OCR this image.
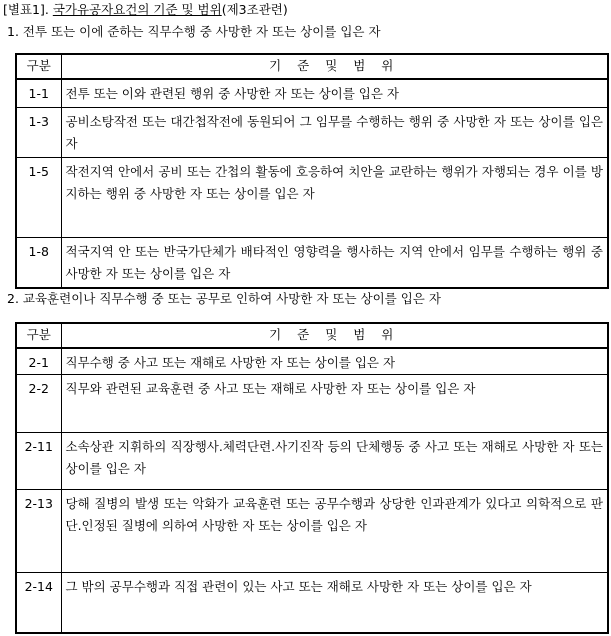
[별표1]. 국가유공자요건의 기준 및 범위(제3조관련)
1. 전투 또는 이에 준하는 직무수행 중 사망한 자 또는 상이를 입은 자
구분	기 준 및 범 위

1-1	전투 또는 이와 관련된 행위 중 사망한 자 또는 상이를 입은 자

1-3	공비소탕작전 또는 대간첩작전에 동원되어 그 임무를 수행하는 행위 중 사망한 자 또는 상이를 입은 자

1-5	작전지역 안에서 공비 또는 간첩의 활동에 호응하여 치안을 교란하는 행위가 자행되는 경우 이를 방지하는 행위 중 사망한 자 또는 상이를 입은 자

1-8	적국지역 안 또는 반국가단체가 배타적인 영향력을 행사하는 지역 안에서 임무를 수행하는 행위 중 사망한 자 또는 상이를 입은 자
2. 교육훈련이나 직무수행 중 또는 공무로 인하여 사망한 자 또는 상이를 입은 자
구분	기 준 및 범 위

2-1	직무수행 중 사고 또는 재해로 사망한 자 또는 상이를 입은 자

2-2	직무와 관련된 교육훈련 중 사고 또는 재해로 사망한 자 또는 상이를 입은 자

2-11	소속상관 지휘하의 직장행사.체력단련.사기진작 등의 단체행동 중 사고 또는 재해로 사망한 자 또는 상이를 입은 자

2-13	당해 질병의 발생 또는 악화가 교육훈련 또는 공무수행과 상당한 인과관계가 있다고 의학적으로 판단.인정된 질병에 의하여 사망한 자 또는 상이를 입은 자

2-14	그 밖의 공무수행과 직접 관련이 있는 사고 또는 재해로 사망한 자 또는 상이를 입은 자
